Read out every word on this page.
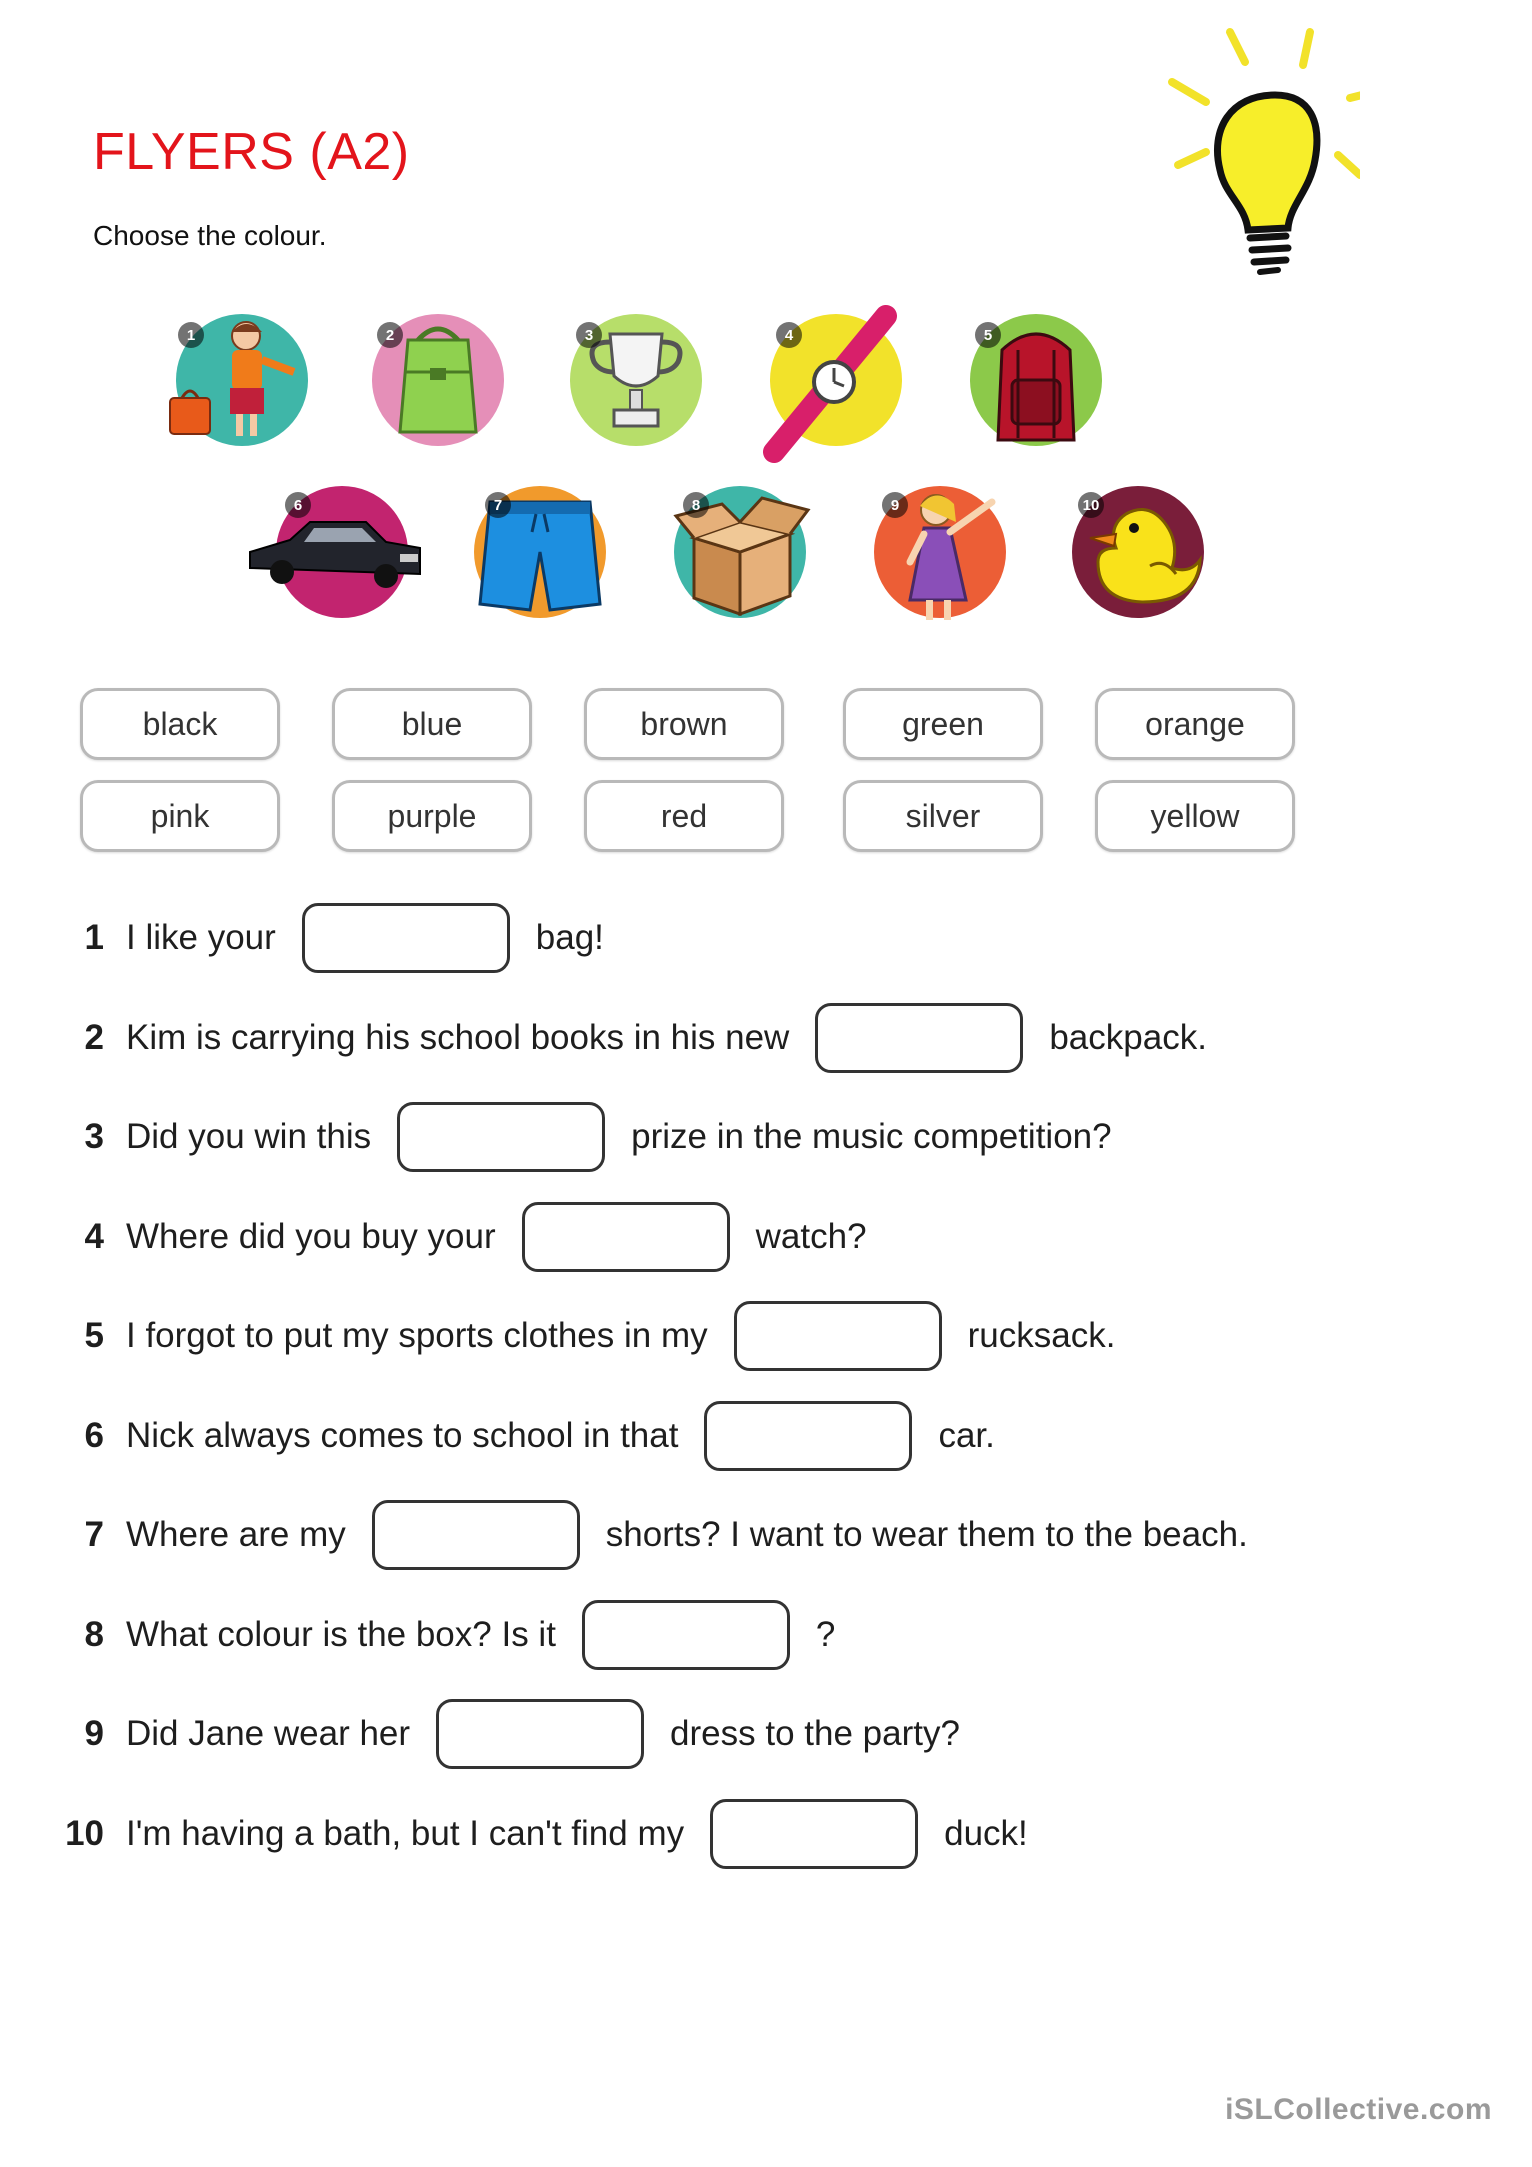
FLYERS (A2)
Choose the colour.
1	2	3	4	5
6	7	8	9	10
black	blue	brown	green	orange
pink	purple	red	silver	yellow
1 I like your	bag!
2 Kim is carrying his school books in his new	backpack.
3 Did you win this	prize in the music competition?
4 Where did you buy your	watch?
5 I forgot to put my sports clothes in my	rucksack.
6 Nick always comes to school in that	car.
7 Where are my	shorts? I want to wear them to the beach.
8 What colour is the box? Is it	?
9 Did Jane wear her	dress to the party?
10 I'm having a bath, but I can't find my	duck!
iSLCollective.com
